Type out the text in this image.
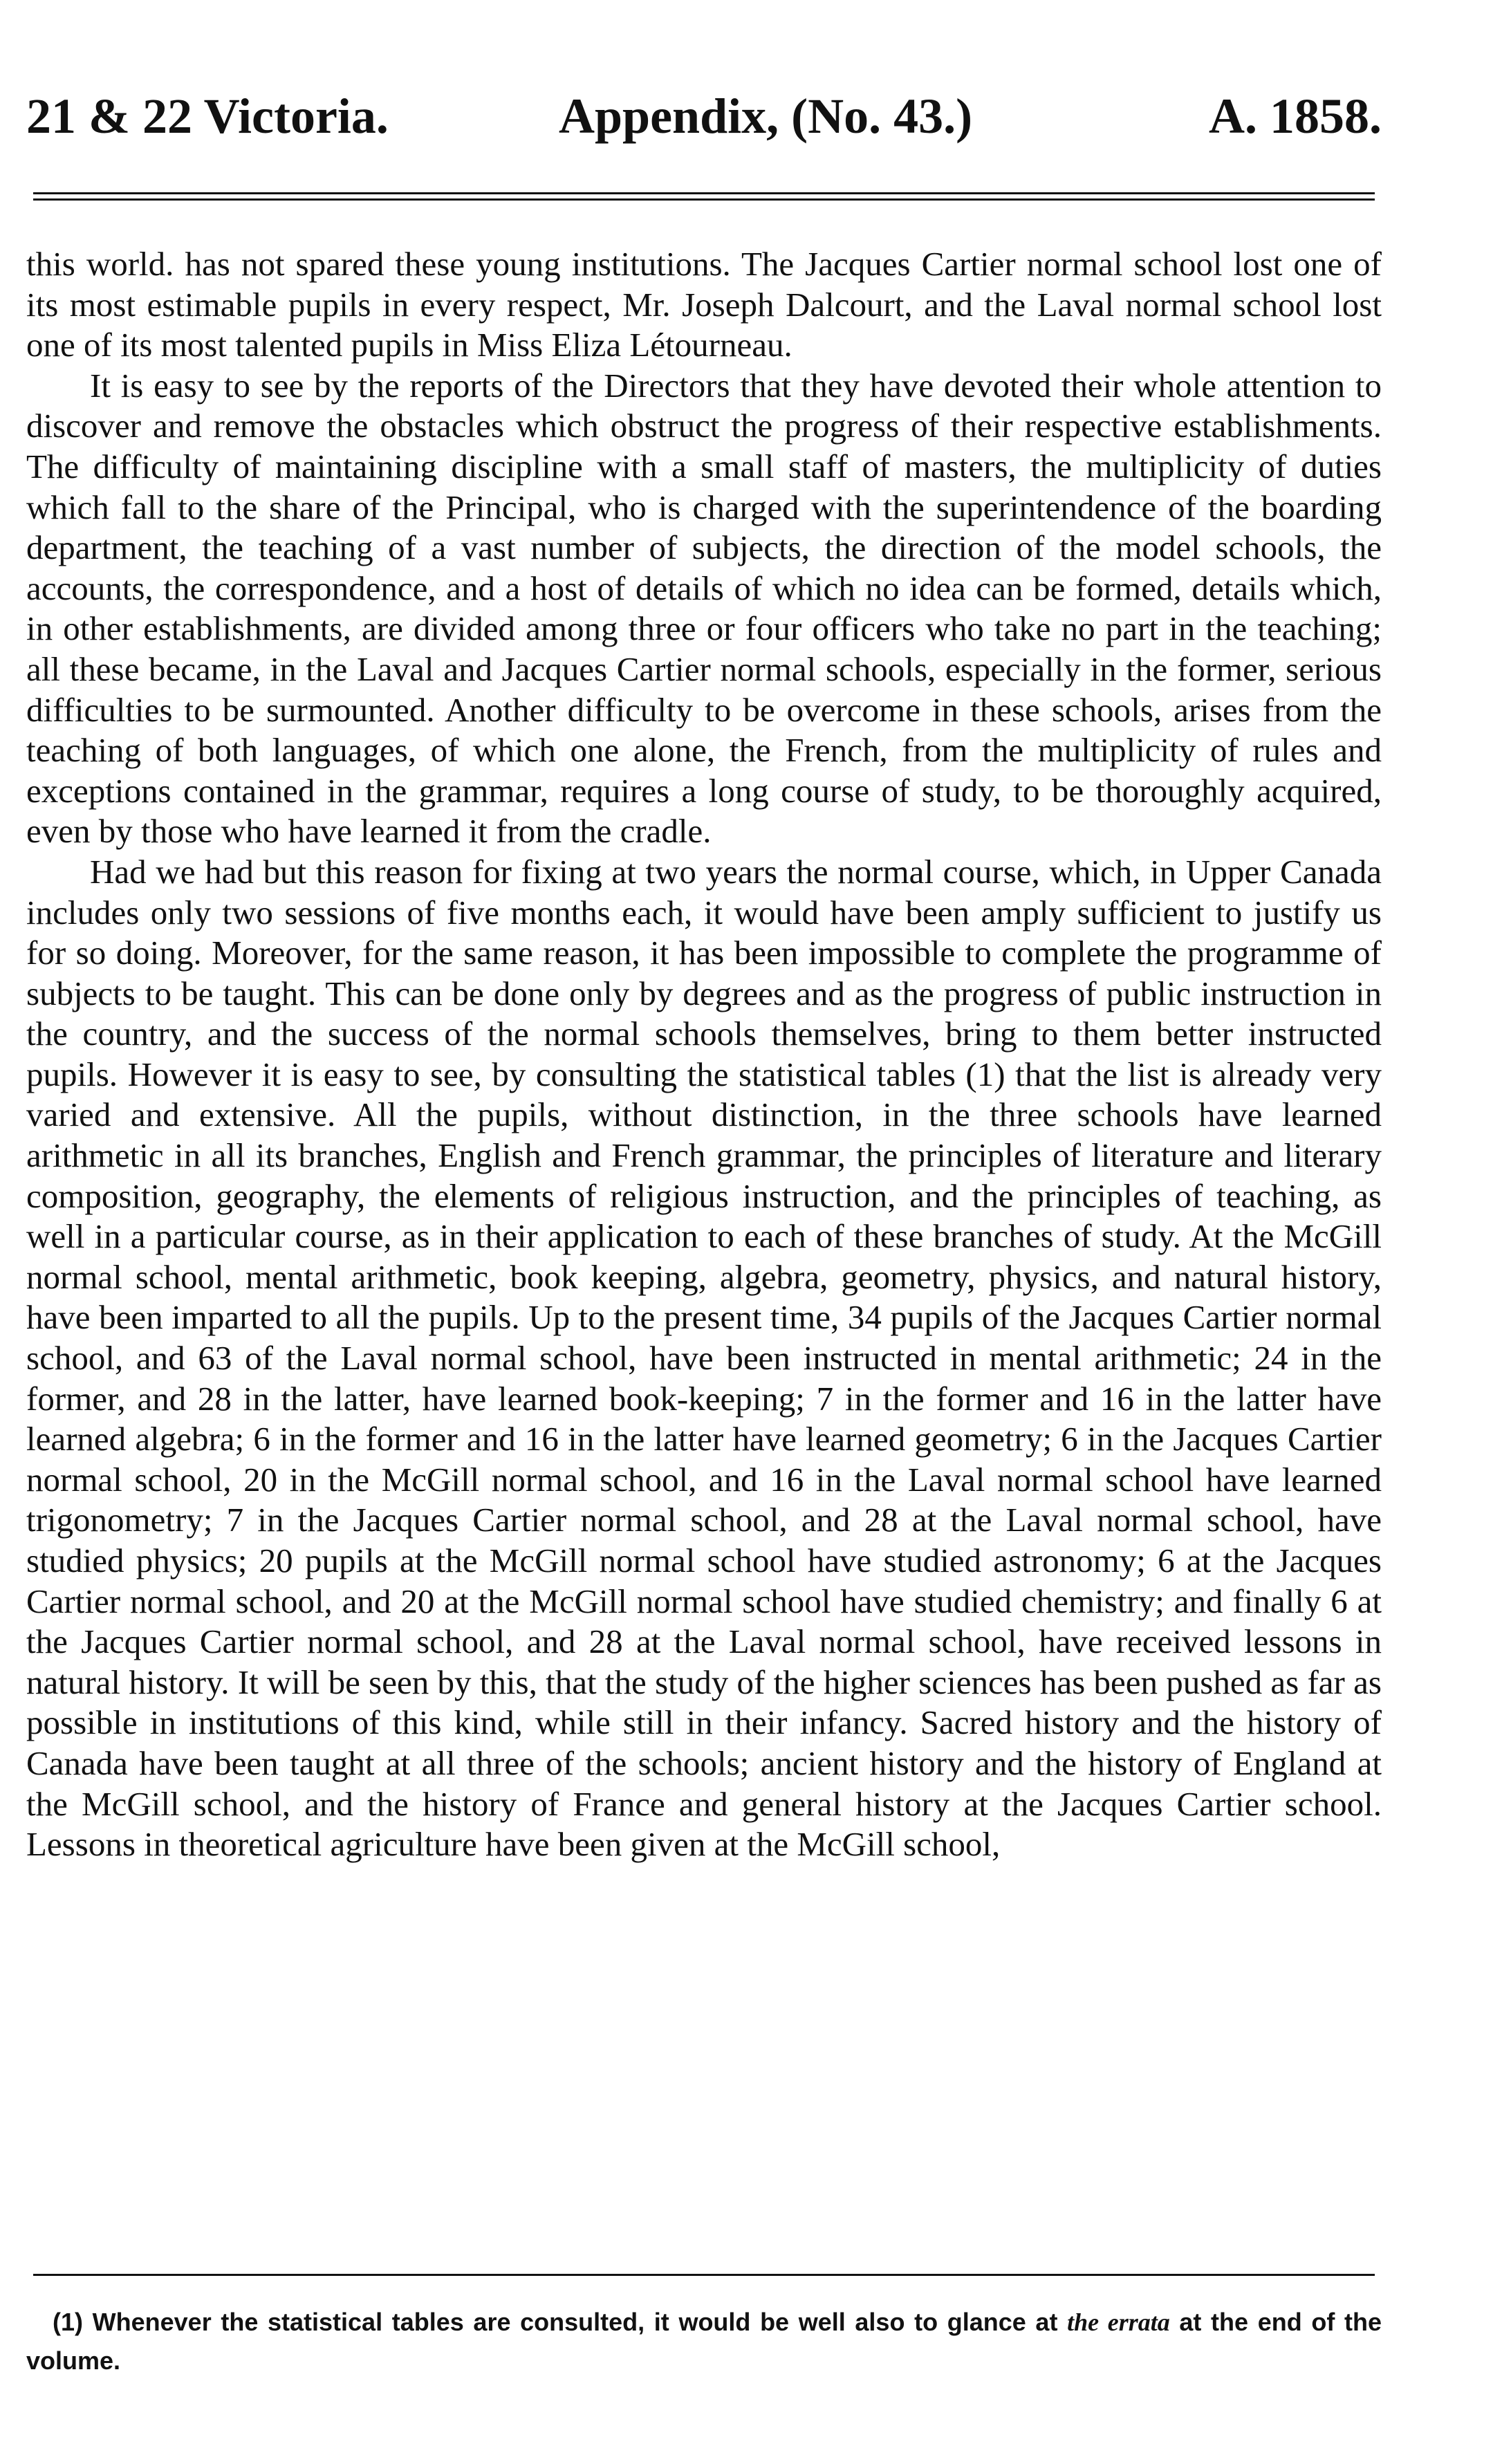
21 & 22 Victoria.	Appendix, (No. 43.)	A. 1858.

this world. has not spared these young institutions. The Jacques Cartier normal school lost one of its most estimable pupils in every respect, Mr. Joseph Dalcourt, and the Laval normal school lost one of its most talented pupils in Miss Eliza Létourneau.

It is easy to see by the reports of the Directors that they have devoted their whole attention to discover and remove the obstacles which obstruct the progress of their respective establishments. The difficulty of maintaining discipline with a small staff of masters, the multiplicity of duties which fall to the share of the Principal, who is charged with the superintendence of the boarding department, the teaching of a vast number of subjects, the direction of the model schools, the accounts, the correspondence, and a host of details of which no idea can be formed, details which, in other establishments, are divided among three or four officers who take no part in the teaching; all these became, in the Laval and Jacques Cartier normal schools, especially in the former, serious difficulties to be surmounted. Another difficulty to be overcome in these schools, arises from the teaching of both languages, of which one alone, the French, from the multiplicity of rules and exceptions contained in the grammar, requires a long course of study, to be thoroughly acquired, even by those who have learned it from the cradle.

Had we had but this reason for fixing at two years the normal course, which, in Upper Canada includes only two sessions of five months each, it would have been amply sufficient to justify us for so doing. Moreover, for the same reason, it has been impossible to complete the programme of subjects to be taught. This can be done only by degrees and as the progress of public instruction in the country, and the success of the normal schools themselves, bring to them better instructed pupils. However it is easy to see, by consulting the statistical tables (1) that the list is already very varied and extensive. All the pupils, without distinction, in the three schools have learned arithmetic in all its branches, English and French grammar, the principles of literature and literary composition, geography, the elements of religious instruction, and the principles of teaching, as well in a particular course, as in their application to each of these branches of study. At the McGill normal school, mental arithmetic, book keeping, algebra, geometry, physics, and natural history, have been imparted to all the pupils. Up to the present time, 34 pupils of the Jacques Cartier normal school, and 63 of the Laval normal school, have been instructed in mental arithmetic; 24 in the former, and 28 in the latter, have learned book-keeping; 7 in the former and 16 in the latter have learned algebra; 6 in the former and 16 in the latter have learned geometry; 6 in the Jacques Cartier normal school, 20 in the McGill normal school, and 16 in the Laval normal school have learned trigonometry; 7 in the Jacques Cartier normal school, and 28 at the Laval normal school, have studied physics; 20 pupils at the McGill normal school have studied astronomy; 6 at the Jacques Cartier normal school, and 20 at the McGill normal school have studied chemistry; and finally 6 at the Jacques Cartier normal school, and 28 at the Laval normal school, have received lessons in natural history. It will be seen by this, that the study of the higher sciences has been pushed as far as possible in institutions of this kind, while still in their infancy. Sacred history and the history of Canada have been taught at all three of the schools; ancient history and the history of England at the McGill school, and the history of France and general history at the Jacques Cartier school. Lessons in theoretical agriculture have been given at the McGill school,

(1) Whenever the statistical tables are consulted, it would be well also to glance at the errata at the end of the volume.
